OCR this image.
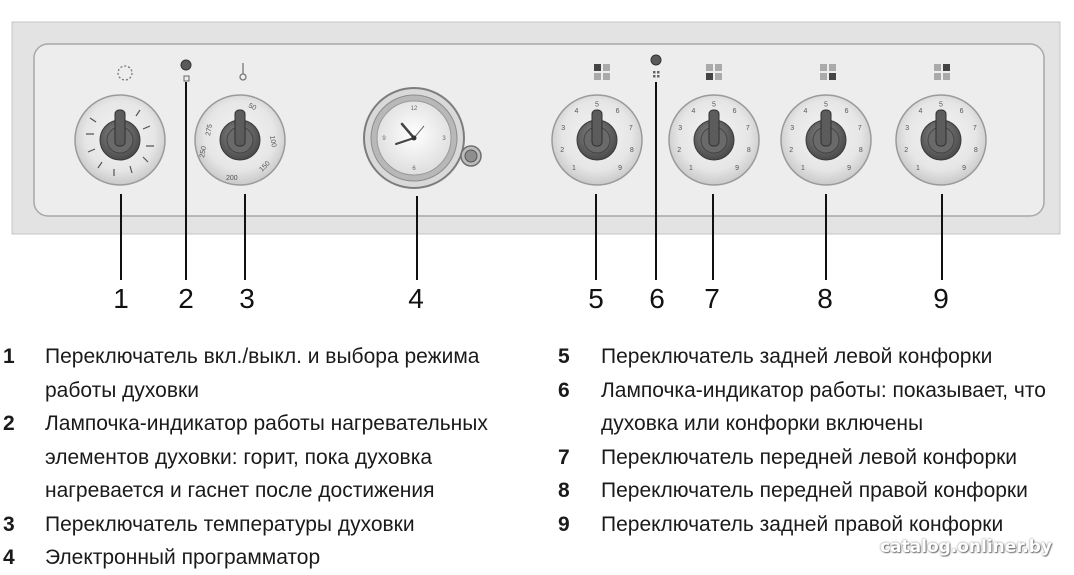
50
100
150
200
250
275
12
3
6
9
1
2
3
4
5
6
7
8
9	1
2
3
4
5
6
7
8
9	1
2
3
4
5
6
7
8
9	1
2
3
4
5
6
7
8
9
1 2 3	4	5 6 7	8	9
1 Переключатель вкл./выкл. и выбора режима работы духовки
2 Лампочка-индикатор работы нагревательных элементов духовки: горит, пока духовка нагревается и гаснет после достижения
3 Переключатель температуры духовки
4 Электронный программатор
5 Переключатель задней левой конфорки
6 Лампочка-индикатор работы: показывает, что духовка или конфорки включены
7 Переключатель передней левой конфорки
8 Переключатель передней правой конфорки
9 Переключатель задней правой конфорки
catalog.onliner.by
